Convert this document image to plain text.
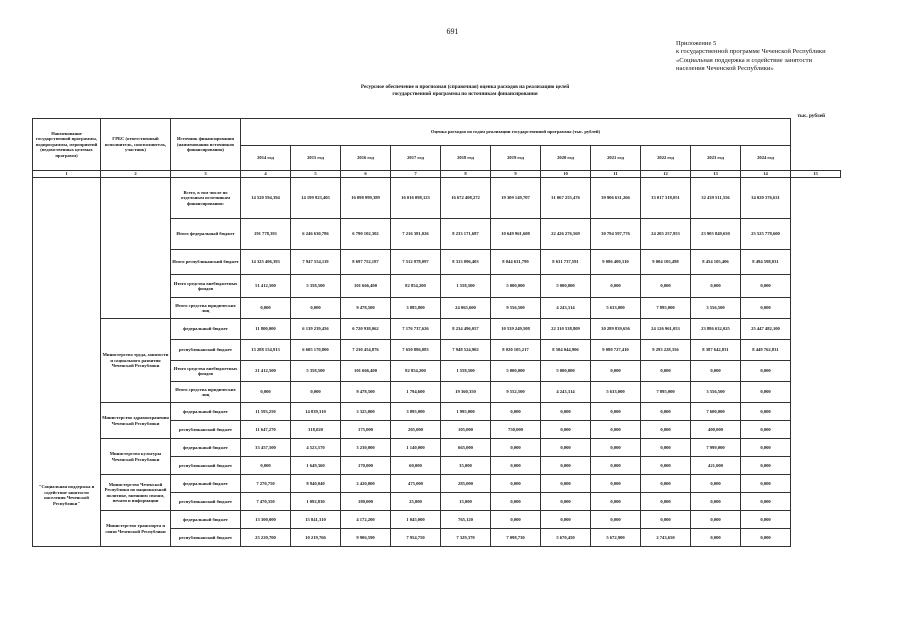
691
Приложение 5
к государственной программе Чеченской Республики
«Социальная поддержка и содействие занятости
населения Чеченской Республики»
Ресурсное обеспечение и прогнозная (справочная) оценка расходов на реализацию целей
государственной программы по источникам финансирования
тыс. рублей
Наименование государственной программы, подпрограммы, мероприятий (ведомственных целевых программ)	ГРБС (ответственный исполнитель, соисполнитель, участник)	Источник финансирования (наименования источников финансирования)	Оценка расходов по годам реализации государственной программы (тыс. рублей)											
			2014 год	2015 год	2016 год	2017 год	2018 год	2019 год	2020 год	2021 год	2022 год	2023 год	2024 год	
1	2	3	4	5	6	7	8	9	10	11	12	13	14	15
"Социальная поддержка и содействие занятости населения Чеченской Республики"		Всего, в том числе по отдельным источникам финансирования:	14 520 594,394	14 199 923,405	16 098 999,389	16 016 098,123	16 672 408,272	19 309 149,707	31 067 255,476	39 906 631,266	33 017 318,051	32 439 511,556	34 020 376,631	
		Итого федеральный бюджет	191 778,391	6 246 630,786	6 790 102,302	7 216 381,026	8 233 171,687	10 649 961,608	22 426 276,569	30 794 597,776	24 205 257,953	23 905 849,650	25 525 778,600	
		Итого республиканский бюджет	14 325 406,393	7 947 554,119	8 697 752,187	7 512 978,097	8 313 096,403	8 044 631,799	8 631 737,591	9 086 409,310	9 004 105,498	8 454 105,406	8 494 598,031	
		Итого средства внебюджетных фондов	51 412,500	5 358,500	101 666,400	82 854,200	1 558,500	5 000,000	5 000,000	0,000	0,000	0,000	0,000	
		Итого средства юридических лиц	0,000	0,000	9 478,500	3 885,800	24 065,600	9 556,500	4 243,314	5 633,000	7 895,000	3 556,500	0,000	
	Министерство труда, занятости и социального развития Чеченской Республики	федеральный бюджет	11 800,000	6 139 239,456	6 720 938,062	7 176 737,626	8 234 496,057	10 539 249,508	22 310 538,809	30 289 839,656	24 126 961,053	23 886 632,025	25 447 482,100	
		республиканский бюджет	13 288 154,913	6 605 170,800	7 230 454,876	7 650 886,083	7 948 524,902	8 020 105,217	8 584 044,906	9 080 727,410	9 293 228,356	8 387 642,831	8 449 762,831	
		Итого средства внебюджетных фондов	21 412,500	5 358,500	101 666,400	82 854,200	1 558,500	5 000,000	5 000,000	0,000	0,000	0,000	0,000	
		Итого средства юридических лиц	0,000	0,000	9 478,500	1 794,600	19 360,350	9 552,500	4 243,314	5 633,000	7 895,000	3 556,500	0,000	
	Министерство здравоохранения Чеченской Республики	федеральный бюджет	11 593,250	14 839,310	3 325,000	3 895,000	1 995,000	0,000	0,000	0,000	0,000	7 600,000	0,000	
		республиканский бюджет	11 647,270	318,020	175,000	205,000	105,000	750,000	0,000	0,000	0,000	400,000	0,000	
	Министерство культуры Чеченской Республики	федеральный бюджет	33 457,500	4 523,570	3 230,000	1 140,000	665,000	0,000	0,000	0,000	0,000	7 999,000	0,000	
		республиканский бюджет	0,000	1 649,360	170,000	60,000	35,000	0,000	0,000	0,000	0,000	421,000	0,000	
	Министерство Чеченской Республики по национальной политике, внешним связям, печати и информации	федеральный бюджет	7 270,750	8 940,040	2 420,000	475,000	285,000	0,000	0,000	0,000	0,000	0,000	0,000	
		республиканский бюджет	7 470,350	1 092,830	180,000	25,000	15,000	0,000	0,000	0,000	0,000	0,000	0,000	
	Министерство транспорта и связи Чеченской Республики	федеральный бюджет	13 300,000	15 841,310	4 172,200	1 045,000	765,120	0,000	0,000	0,000	0,000	0,000	0,000	
		республиканский бюджет	25 220,700	10 219,766	9 906,590	7 954,750	7 329,370	7 098,730	5 670,450	5 672,900	2 743,650	0,000	0,000	
